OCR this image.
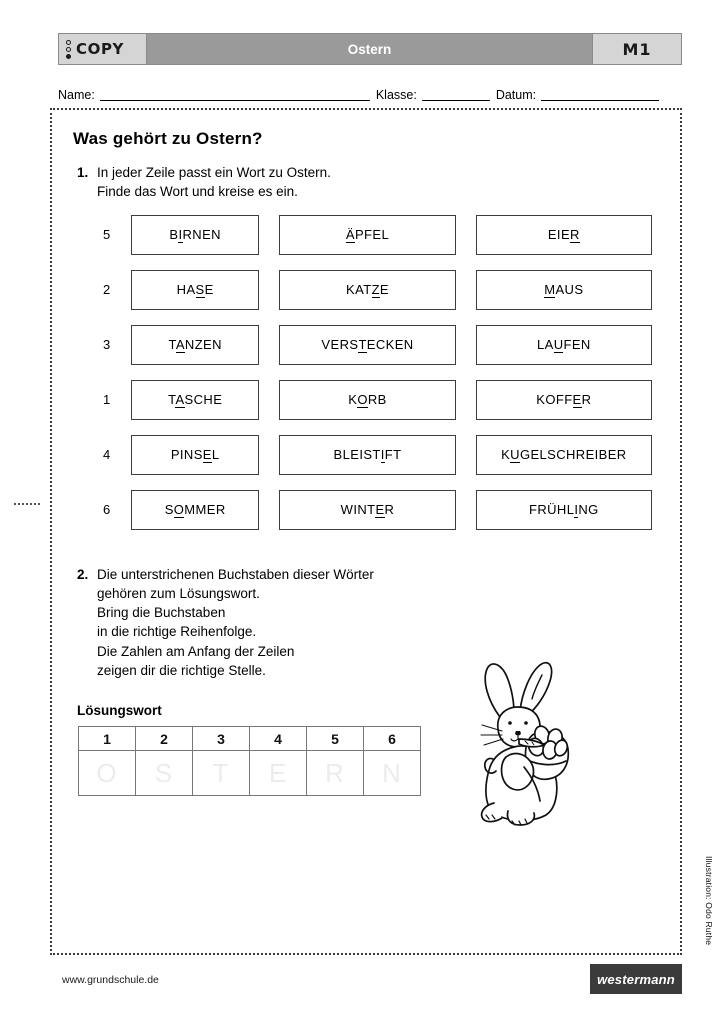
COPY	Ostern	M1
Name:	Klasse:	Datum:
Was gehört zu Ostern?
1. In jeder Zeile passt ein Wort zu Ostern.
Finde das Wort und kreise es ein.
5	BIRNEN	ÄPFEL	EIER
2	HASE	KATZE	MAUS
3	TANZEN	VERSTECKEN	LAUFEN
1	TASCHE	KORB	KOFFER
4	PINSEL	BLEISTIFT	KUGELSCHREIBER
6	SOMMER	WINTER	FRÜHLING
2. Die unterstrichenen Buchstaben dieser Wörter
gehören zum Lösungswort.
Bring die Buchstaben
in die richtige Reihenfolge.
Die Zahlen am Anfang der Zeilen
zeigen dir die richtige Stelle.
Lösungswort
1	2	3	4	5	6
O	S	T	E	R	N
Illustration: Odo Ruthe
www.grundschule.de	westermann
